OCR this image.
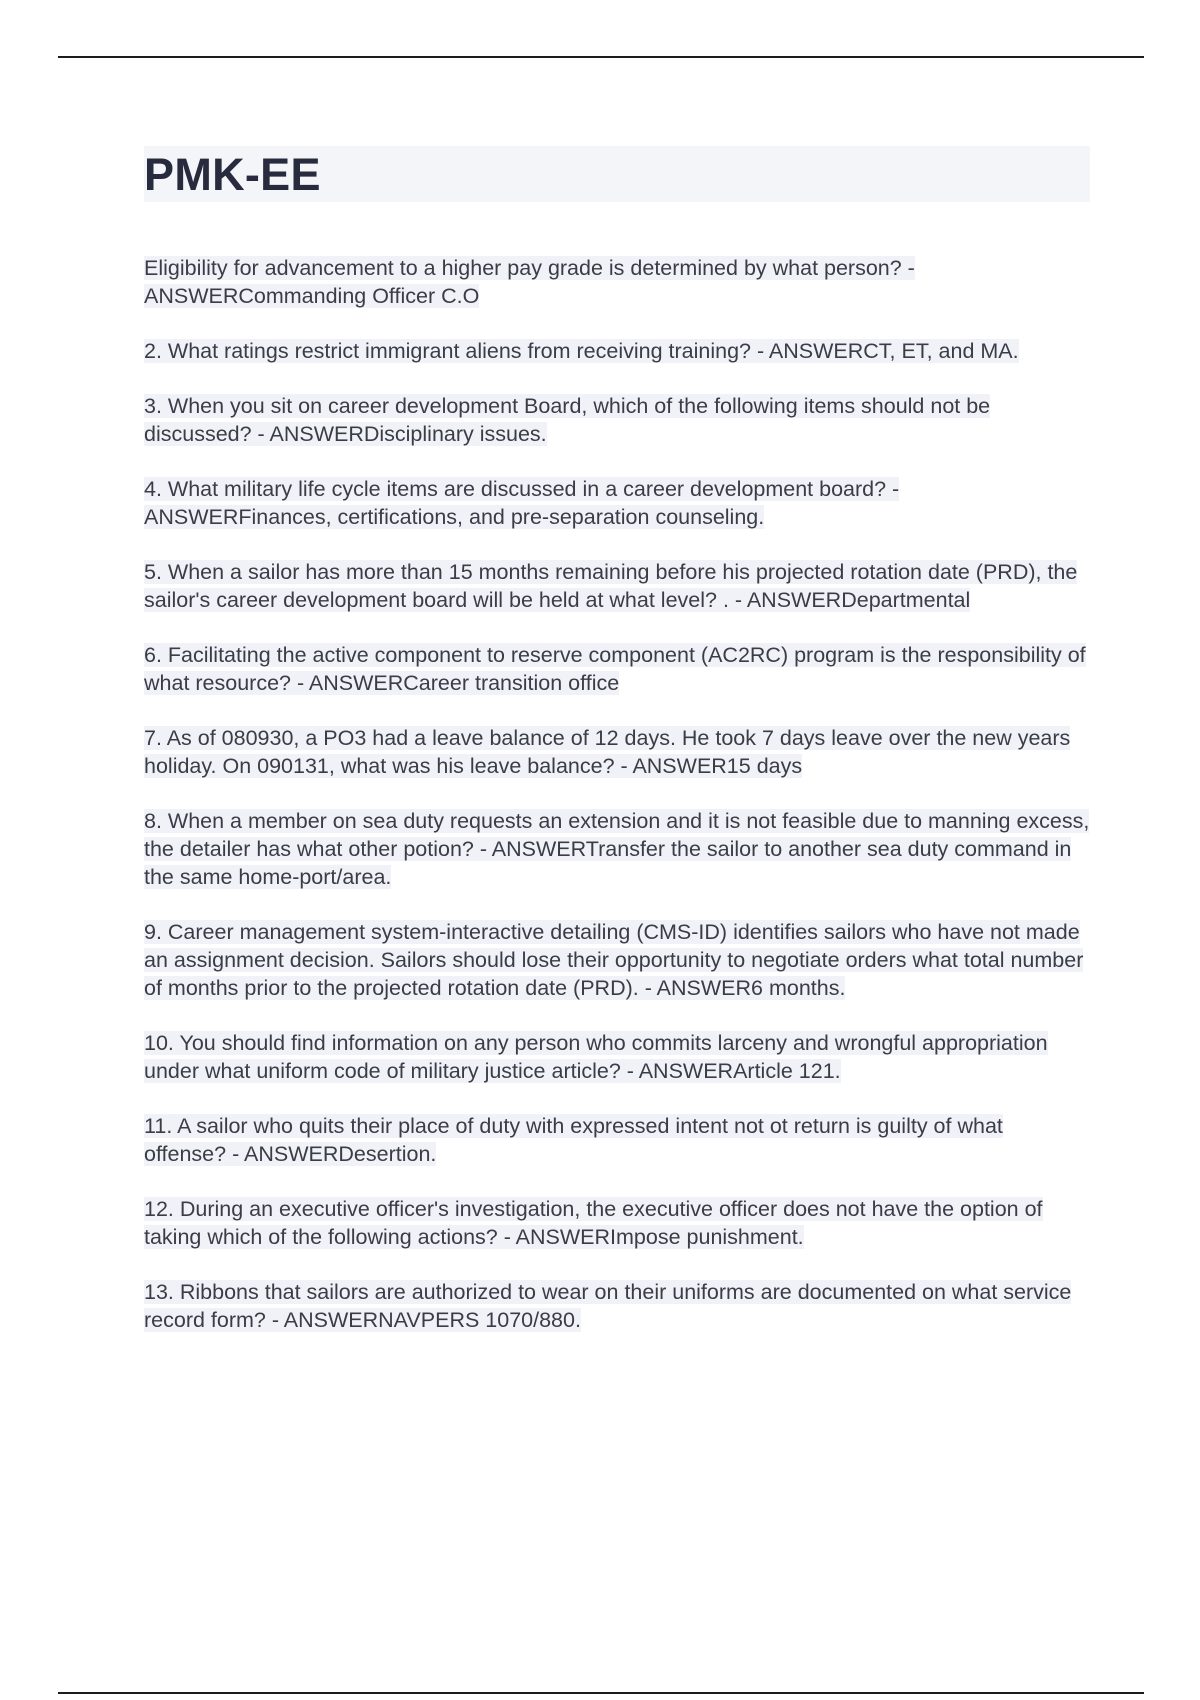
PMK-EE
Eligibility for advancement to a higher pay grade is determined by what person? - ANSWERCommanding Officer C.O
2. What ratings restrict immigrant aliens from receiving training? - ANSWERCT, ET, and MA.
3. When you sit on career development Board, which of the following items should not be discussed? - ANSWERDisciplinary issues.
4. What military life cycle items are discussed in a career development board? - ANSWERFinances, certifications, and pre-separation counseling.
5. When a sailor has more than 15 months remaining before his projected rotation date (PRD), the sailor's career development board will be held at what level? . - ANSWERDepartmental
6. Facilitating the active component to reserve component (AC2RC) program is the responsibility of what resource? - ANSWERCareer transition office
7. As of 080930, a PO3 had a leave balance of 12 days. He took 7 days leave over the new years holiday. On 090131, what was his leave balance? - ANSWER15 days
8. When a member on sea duty requests an extension and it is not feasible due to manning excess, the detailer has what other potion? - ANSWERTransfer the sailor to another sea duty command in the same home-port/area.
9. Career management system-interactive detailing (CMS-ID) identifies sailors who have not made an assignment decision. Sailors should lose their opportunity to negotiate orders what total number of months prior to the projected rotation date (PRD). - ANSWER6 months.
10. You should find information on any person who commits larceny and wrongful appropriation under what uniform code of military justice article? - ANSWERArticle 121.
11. A sailor who quits their place of duty with expressed intent not ot return is guilty of what offense? - ANSWERDesertion.
12. During an executive officer's investigation, the executive officer does not have the option of taking which of the following actions? - ANSWERImpose punishment.
13. Ribbons that sailors are authorized to wear on their uniforms are documented on what service record form? - ANSWERNAVPERS 1070/880.
